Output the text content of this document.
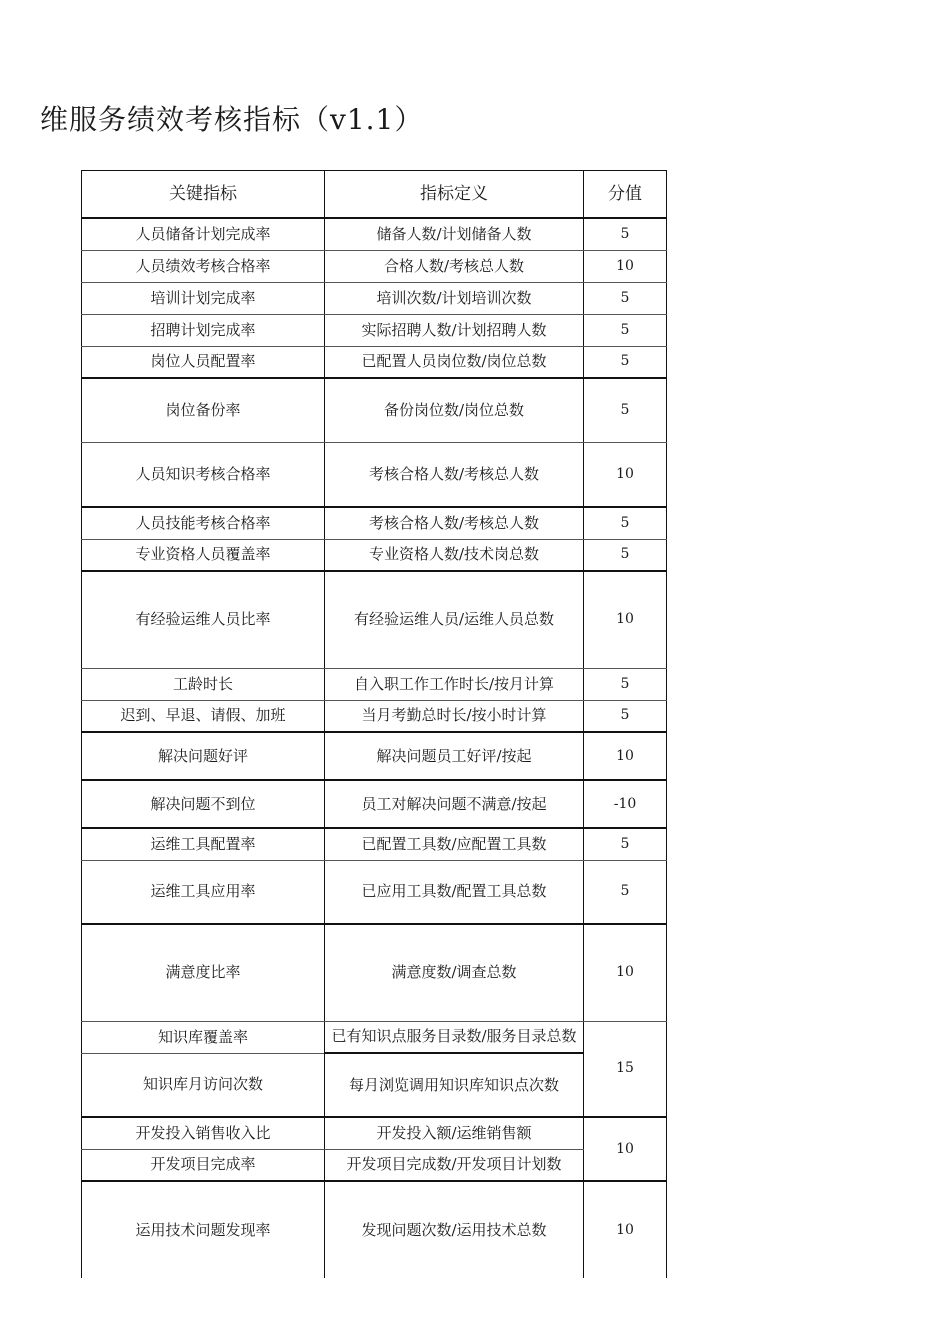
维服务绩效考核指标（v1.1）
关键指标	指标定义	分值
人员储备计划完成率	储备人数/计划储备人数	5
人员绩效考核合格率	合格人数/考核总人数	10
培训计划完成率	培训次数/计划培训次数	5
招聘计划完成率	实际招聘人数/计划招聘人数	5
岗位人员配置率	已配置人员岗位数/岗位总数	5
岗位备份率	备份岗位数/岗位总数	5
人员知识考核合格率	考核合格人数/考核总人数	10
人员技能考核合格率	考核合格人数/考核总人数	5
专业资格人员覆盖率	专业资格人数/技术岗总数	5
有经验运维人员比率	有经验运维人员/运维人员总数	10
工龄时长	自入职工作工作时长/按月计算	5
迟到、早退、请假、加班	当月考勤总时长/按小时计算	5
解决问题好评	解决问题员工好评/按起	10
解决问题不到位	员工对解决问题不满意/按起	-10
运维工具配置率	已配置工具数/应配置工具数	5
运维工具应用率	已应用工具数/配置工具总数	5
满意度比率	满意度数/调查总数	10
知识库覆盖率	已有知识点服务目录数/服务目录总数	15
知识库月访问次数	每月浏览调用知识库知识点次数	
开发投入销售收入比	开发投入额/运维销售额	10
开发项目完成率	开发项目完成数/开发项目计划数	
运用技术问题发现率	发现问题次数/运用技术总数	10
